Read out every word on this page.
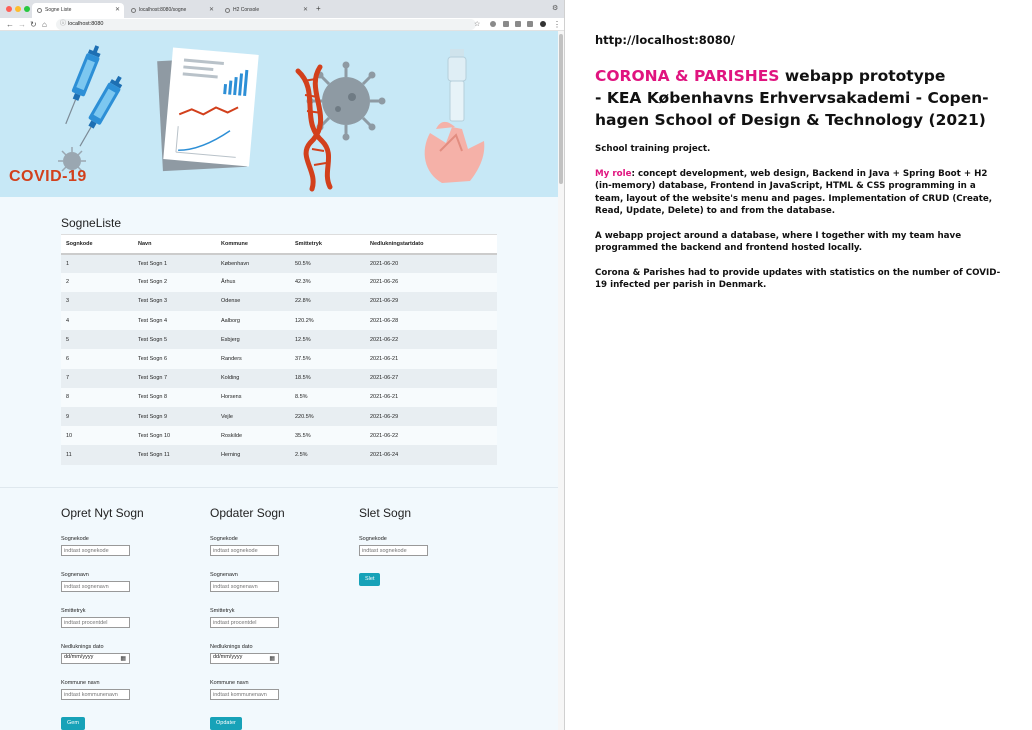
Sogne Liste	✕	localhost:8080/sogne	✕	H2 Console	✕ +	⚙
← → ↻ ⌂ ⓘ localhost:8080	☆	⋮
COVID-19
SogneListe
Sognkode	Navn	Kommune	Smittetryk	Nedlukningstartdato
1	Test Sogn 1	København	50.5%	2021-06-20
2	Test Sogn 2	Århus	42.3%	2021-06-26
3	Test Sogn 3	Odense	22.8%	2021-06-29
4	Test Sogn 4	Aalborg	120.2%	2021-06-28
5	Test Sogn 5	Esbjerg	12.5%	2021-06-22
6	Test Sogn 6	Randers	37.5%	2021-06-21
7	Test Sogn 7	Kolding	18.5%	2021-06-27
8	Test Sogn 8	Horsens	8.5%	2021-06-21
9	Test Sogn 9	Vejle	220.5%	2021-06-29
10	Test Sogn 10	Roskilde	35.5%	2021-06-22
11	Test Sogn 11	Herning	2.5%	2021-06-24
Opret Nyt Sogn
Sognekode
indtast sognekode
Sognenavn
indtast sognenavn
Smittetryk
indtast procentdel
Nedluknings dato
dd/mm/yyyy	▦
Kommune navn
indtast kommunenavn
Gem
Opdater Sogn
Sognekode
indtast sognekode
Sognenavn
indtast sognenavn
Smittetryk
indtast procentdel
Nedluknings dato
dd/mm/yyyy	▦
Kommune navn
indtast kommunenavn
Opdater
Slet Sogn
Sognekode
indtast sognekode
Slet
http://localhost:8080/
CORONA & PARISHES webapp prototype
- KEA Københavns Erhvervsakademi - Copen-
hagen School of Design & Technology (2021)

School training project.

My role: concept development, web design, Backend in Java + Spring Boot + H2 (in-memory) database, Frontend in JavaScript, HTML & CSS programming in a team, layout of the website's menu and pages. Implementation of CRUD (Create, Read, Update, Delete) to and from the database.

A webapp project around a database, where I together with my team have programmed the backend and frontend hosted locally.

Corona & Parishes had to provide updates with statistics on the number of COVID-19 infected per parish in Denmark.
